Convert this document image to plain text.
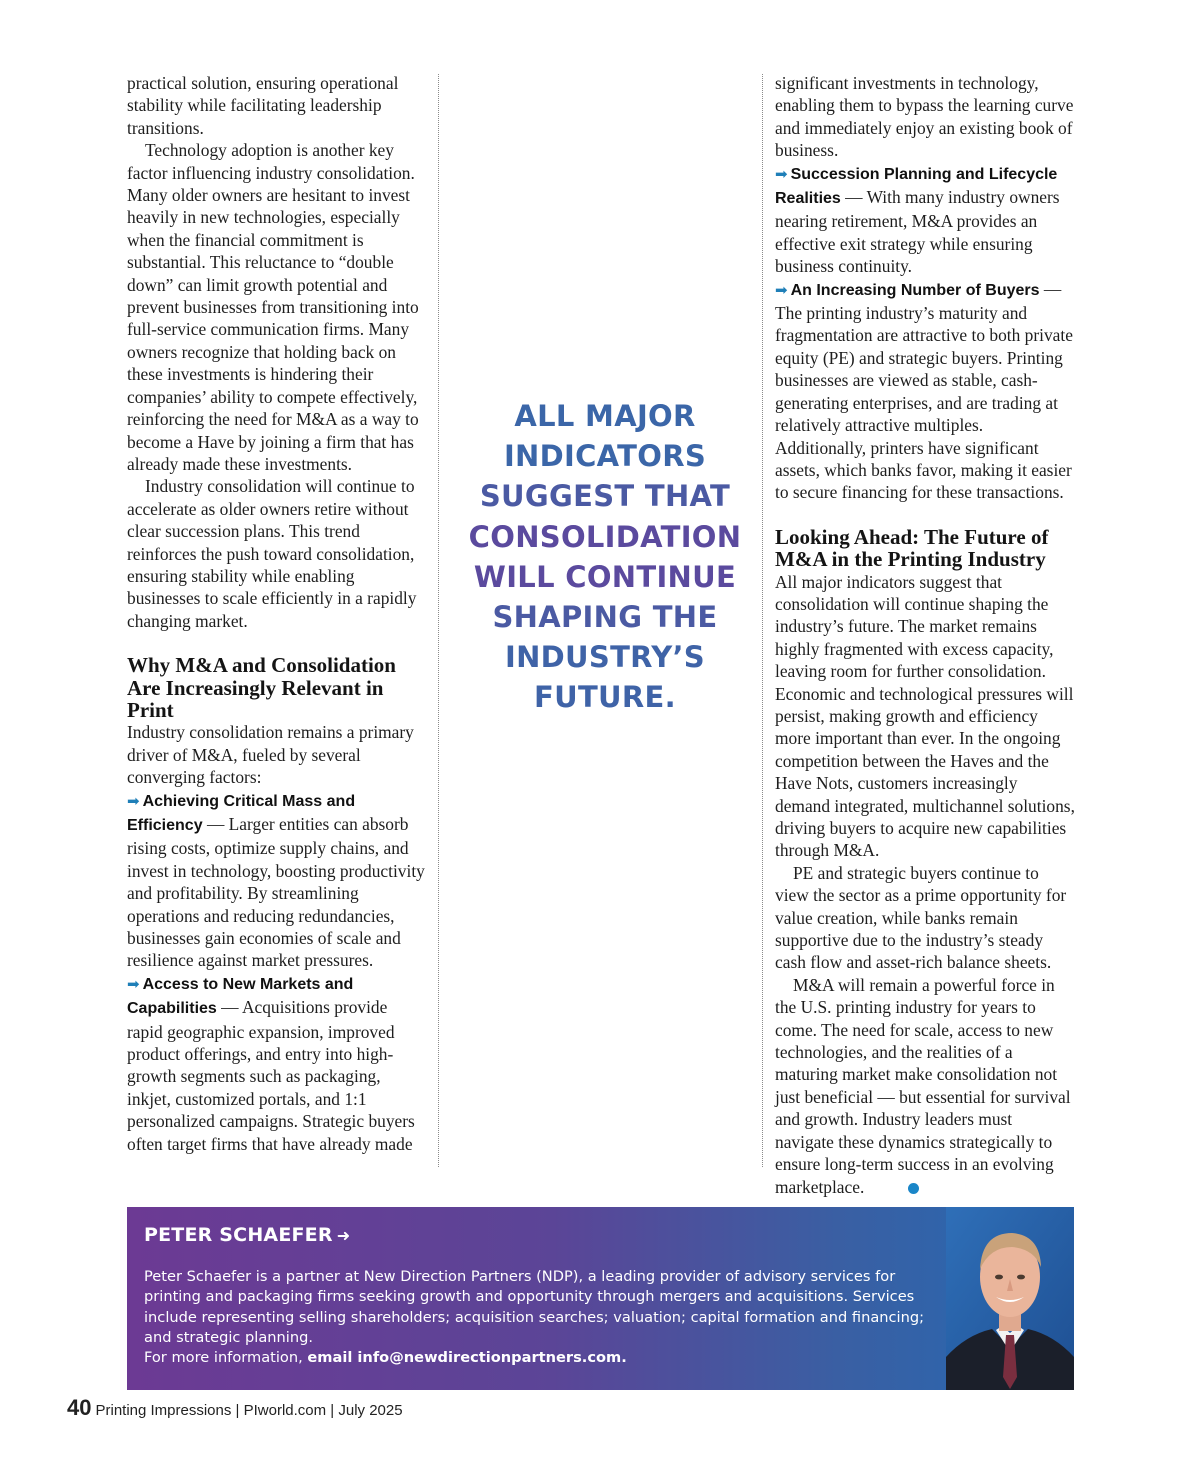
practical solution, ensuring operational stability while facilitating leadership transitions.

Technology adoption is another key factor influencing industry consolidation. Many older owners are hesitant to invest heavily in new technologies, especially when the financial commitment is substantial. This reluctance to “double down” can limit growth potential and prevent businesses from transitioning into full-service communication firms. Many owners recognize that holding back on these investments is hindering their companies’ ability to compete effectively, reinforcing the need for M&A as a way to become a Have by joining a firm that has already made these investments.

Industry consolidation will continue to accelerate as older owners retire without clear succession plans. This trend reinforces the push toward consolidation, ensuring stability while enabling businesses to scale efficiently in a rapidly changing market.

Why M&A and Consolidation Are Increasingly Relevant in Print

Industry consolidation remains a primary driver of M&A, fueled by several converging factors:

➡ Achieving Critical Mass and Efficiency — Larger entities can absorb rising costs, optimize supply chains, and invest in technology, boosting productivity and profitability. By streamlining operations and reducing redundancies, businesses gain economies of scale and resilience against market pressures.

➡ Access to New Markets and Capabilities — Acquisitions provide rapid geographic expansion, improved product offerings, and entry into high-growth segments such as packaging, inkjet, customized portals, and 1:1 personalized campaigns. Strategic buyers often target firms that have already made

ALL MAJOR
INDICATORS
SUGGEST THAT
CONSOLIDATION
WILL CONTINUE
SHAPING THE
INDUSTRY’S
FUTURE.

significant investments in technology, enabling them to bypass the learning curve and immediately enjoy an existing book of business.

➡ Succession Planning and Lifecycle Realities — With many industry owners nearing retirement, M&A provides an effective exit strategy while ensuring business continuity.

➡ An Increasing Number of Buyers — The printing industry’s maturity and fragmentation are attractive to both private equity (PE) and strategic buyers. Printing businesses are viewed as stable, cash-generating enterprises, and are trading at relatively attractive multiples. Additionally, printers have significant assets, which banks favor, making it easier to secure financing for these transactions.

Looking Ahead: The Future of M&A in the Printing Industry

All major indicators suggest that consolidation will continue shaping the industry’s future. The market remains highly fragmented with excess capacity, leaving room for further consolidation. Economic and technological pressures will persist, making growth and efficiency more important than ever. In the ongoing competition between the Haves and the Have Nots, customers increasingly demand integrated, multichannel solutions, driving buyers to acquire new capabilities through M&A.

PE and strategic buyers continue to view the sector as a prime opportunity for value creation, while banks remain supportive due to the industry’s steady cash flow and asset-rich balance sheets.

M&A will remain a powerful force in the U.S. printing industry for years to come. The need for scale, access to new technologies, and the realities of a maturing market make consolidation not just beneficial — but essential for survival and growth. Industry leaders must navigate these dynamics strategically to ensure long-term success in an evolving marketplace.

PETER SCHAEFER ➜

Peter Schaefer is a partner at New Direction Partners (NDP), a leading provider of advisory services for printing and packaging firms seeking growth and opportunity through mergers and acquisitions. Services include representing selling shareholders; acquisition searches; valuation; capital formation and financing; and strategic planning.
For more information, email info@newdirectionpartners.com.

40 Printing Impressions | PIworld.com | July 2025
